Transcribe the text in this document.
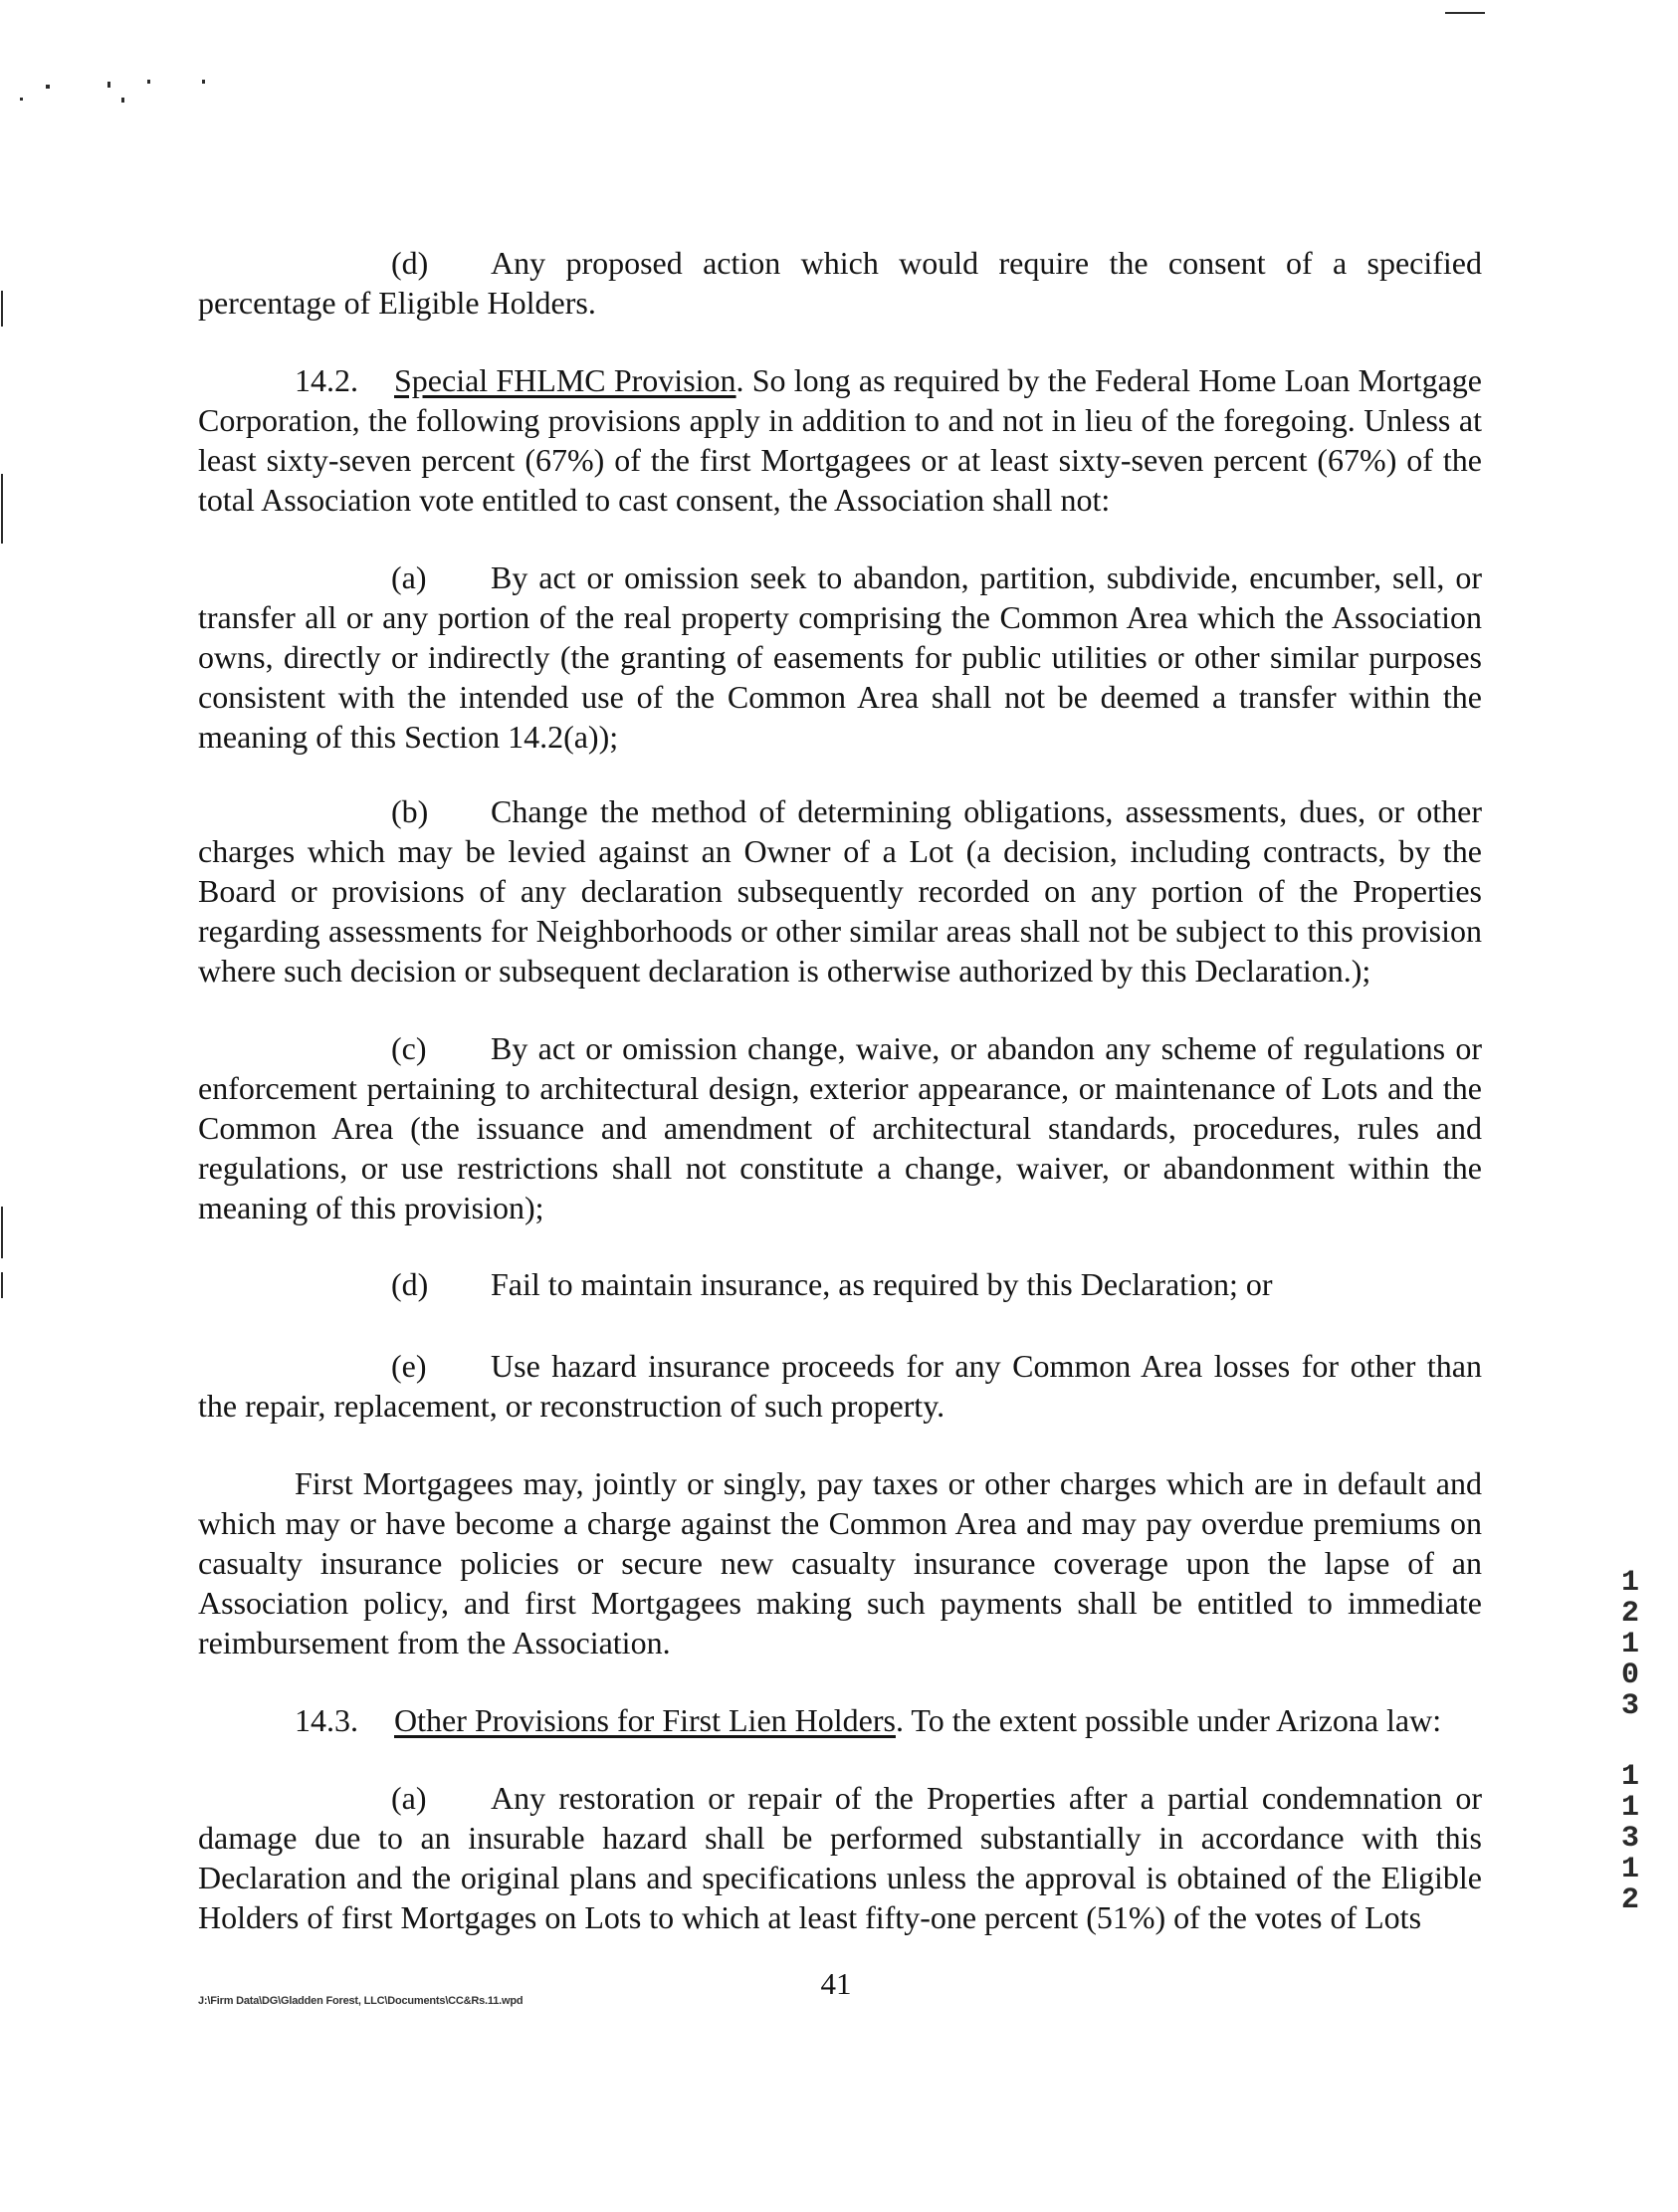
(d) Any proposed action which would require the consent of a specified percentage of Eligible Holders.

14.2. Special FHLMC Provision. So long as required by the Federal Home Loan Mortgage Corporation, the following provisions apply in addition to and not in lieu of the foregoing. Unless at least sixty-seven percent (67%) of the first Mortgagees or at least sixty-seven percent (67%) of the total Association vote entitled to cast consent, the Association shall not:

(a) By act or omission seek to abandon, partition, subdivide, encumber, sell, or transfer all or any portion of the real property comprising the Common Area which the Association owns, directly or indirectly (the granting of easements for public utilities or other similar purposes consistent with the intended use of the Common Area shall not be deemed a transfer within the meaning of this Section 14.2(a));

(b) Change the method of determining obligations, assessments, dues, or other charges which may be levied against an Owner of a Lot (a decision, including contracts, by the Board or provisions of any declaration subsequently recorded on any portion of the Properties regarding assessments for Neighborhoods or other similar areas shall not be subject to this provision where such decision or subsequent declaration is otherwise authorized by this Declaration.);

(c) By act or omission change, waive, or abandon any scheme of regulations or enforcement pertaining to architectural design, exterior appearance, or maintenance of Lots and the Common Area (the issuance and amendment of architectural standards, procedures, rules and regulations, or use restrictions shall not constitute a change, waiver, or abandonment within the meaning of this provision);

(d) Fail to maintain insurance, as required by this Declaration; or

(e) Use hazard insurance proceeds for any Common Area losses for other than the repair, replacement, or reconstruction of such property.

First Mortgagees may, jointly or singly, pay taxes or other charges which are in default and which may or have become a charge against the Common Area and may pay overdue premiums on casualty insurance policies or secure new casualty insurance coverage upon the lapse of an Association policy, and first Mortgagees making such payments shall be entitled to immediate reimbursement from the Association.

14.3. Other Provisions for First Lien Holders. To the extent possible under Arizona law:

(a) Any restoration or repair of the Properties after a partial condemnation or damage due to an insurable hazard shall be performed substantially in accordance with this Declaration and the original plans and specifications unless the approval is obtained of the Eligible Holders of first Mortgages on Lots to which at least fifty-one percent (51%) of the votes of Lots

41

J:\Firm Data\DG\Gladden Forest, LLC\Documents\CC&Rs.11.wpd

1
2
1
0
3
1
1
3
1
2
